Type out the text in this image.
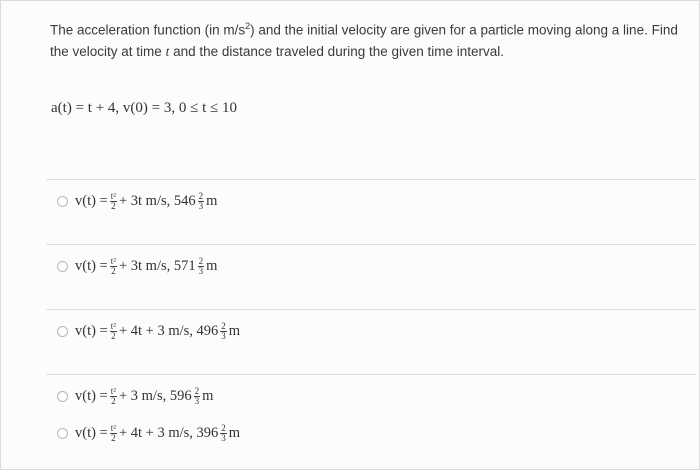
The acceleration function (in $m/s^2$) and the initial velocity are given for a particle moving along a line. Find the velocity at time t and the distance traveled during the given time interval.
a(t) = t + 4, v(0) = 3, 0 ≤ t ≤ 10
$v(t) = \frac{\text{t²}}{2} + 3t$ m/s, $546 \frac{2}{3}$ m
$v(t) = \frac{\text{t²}}{2} + 3t$ m/s, $571 \frac{2}{3}$ m
$v(t) = \frac{\text{t²}}{2} + 4t + 3$ m/s, $496 \frac{2}{3}$ m
$v(t) = \frac{\text{t²}}{2} + 3$ m/s, $596 \frac{2}{3}$ m
$v(t) = \frac{\text{t²}}{2} + 4t + 3$ m/s, $396 \frac{2}{3}$ m
